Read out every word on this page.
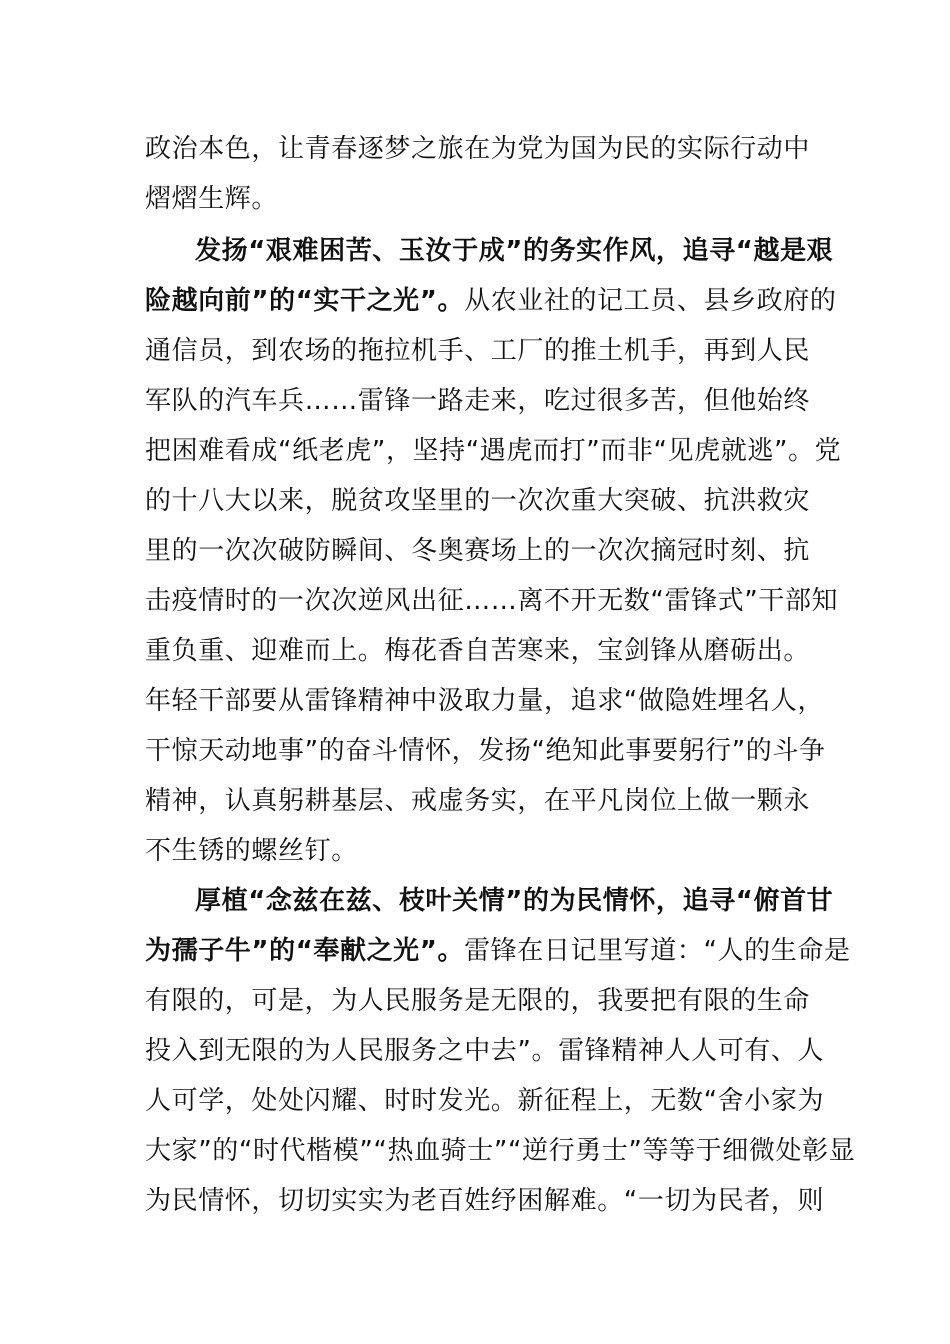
政治本色，让青春逐梦之旅在为党为国为民的实际行动中
熠熠生辉。
发扬“艰难困苦、玉汝于成”的务实作风，追寻“越是艰
险越向前”的“实干之光”。从农业社的记工员、县乡政府的
通信员，到农场的拖拉机手、工厂的推土机手，再到人民
军队的汽车兵……雷锋一路走来，吃过很多苦，但他始终
把困难看成“纸老虎”，坚持“遇虎而打”而非“见虎就逃”。党
的十八大以来，脱贫攻坚里的一次次重大突破、抗洪救灾
里的一次次破防瞬间、冬奥赛场上的一次次摘冠时刻、抗
击疫情时的一次次逆风出征……离不开无数“雷锋式”干部知
重负重、迎难而上。梅花香自苦寒来，宝剑锋从磨砺出。
年轻干部要从雷锋精神中汲取力量，追求“做隐姓埋名人，
干惊天动地事”的奋斗情怀，发扬“绝知此事要躬行”的斗争
精神，认真躬耕基层、戒虚务实，在平凡岗位上做一颗永
不生锈的螺丝钉。
厚植“念兹在兹、枝叶关情”的为民情怀，追寻“俯首甘
为孺子牛”的“奉献之光”。雷锋在日记里写道：“人的生命是
有限的，可是，为人民服务是无限的，我要把有限的生命
投入到无限的为人民服务之中去”。雷锋精神人人可有、人
人可学，处处闪耀、时时发光。新征程上，无数“舍小家为
大家”的“时代楷模”“热血骑士”“逆行勇士”等等于细微处彰显
为民情怀，切切实实为老百姓纾困解难。“一切为民者，则
